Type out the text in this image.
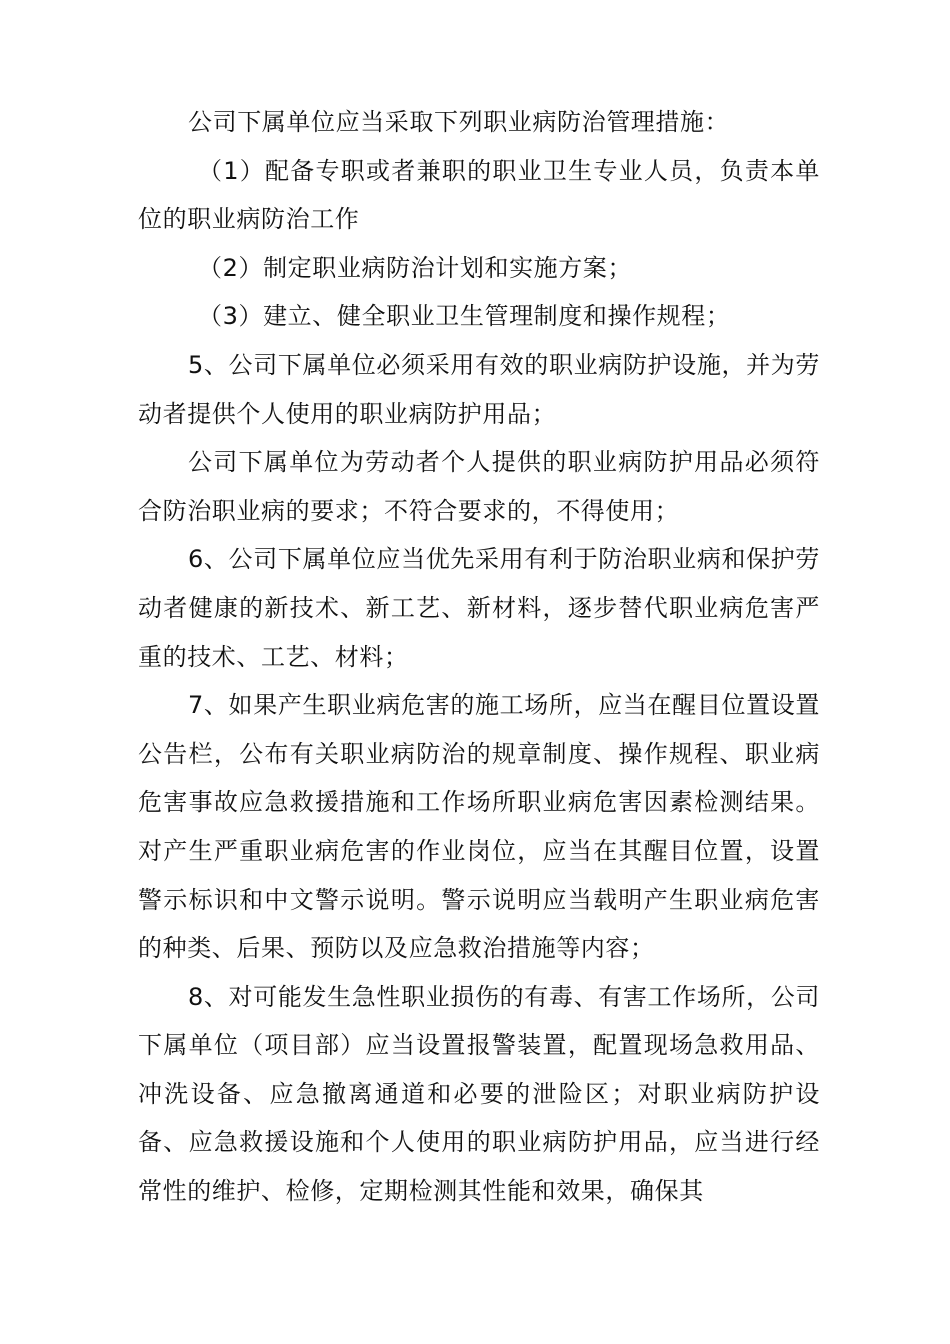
公司下属单位应当采取下列职业病防治管理措施：

（1）配备专职或者兼职的职业卫生专业人员，负责本单位的职业病防治工作

（2）制定职业病防治计划和实施方案；

（3）建立、健全职业卫生管理制度和操作规程；

5、公司下属单位必须采用有效的职业病防护设施，并为劳动者提供个人使用的职业病防护用品；

公司下属单位为劳动者个人提供的职业病防护用品必须符合防治职业病的要求；不符合要求的，不得使用；

6、公司下属单位应当优先采用有利于防治职业病和保护劳动者健康的新技术、新工艺、新材料，逐步替代职业病危害严重的技术、工艺、材料；

7、如果产生职业病危害的施工场所，应当在醒目位置设置公告栏，公布有关职业病防治的规章制度、操作规程、职业病危害事故应急救援措施和工作场所职业病危害因素检测结果。对产生严重职业病危害的作业岗位，应当在其醒目位置，设置警示标识和中文警示说明。警示说明应当载明产生职业病危害的种类、后果、预防以及应急救治措施等内容；

8、对可能发生急性职业损伤的有毒、有害工作场所，公司下属单位（项目部）应当设置报警装置，配置现场急救用品、冲洗设备、应急撤离通道和必要的泄险区；对职业病防护设备、应急救援设施和个人使用的职业病防护用品，应当进行经常性的维护、检修，定期检测其性能和效果，确保其
